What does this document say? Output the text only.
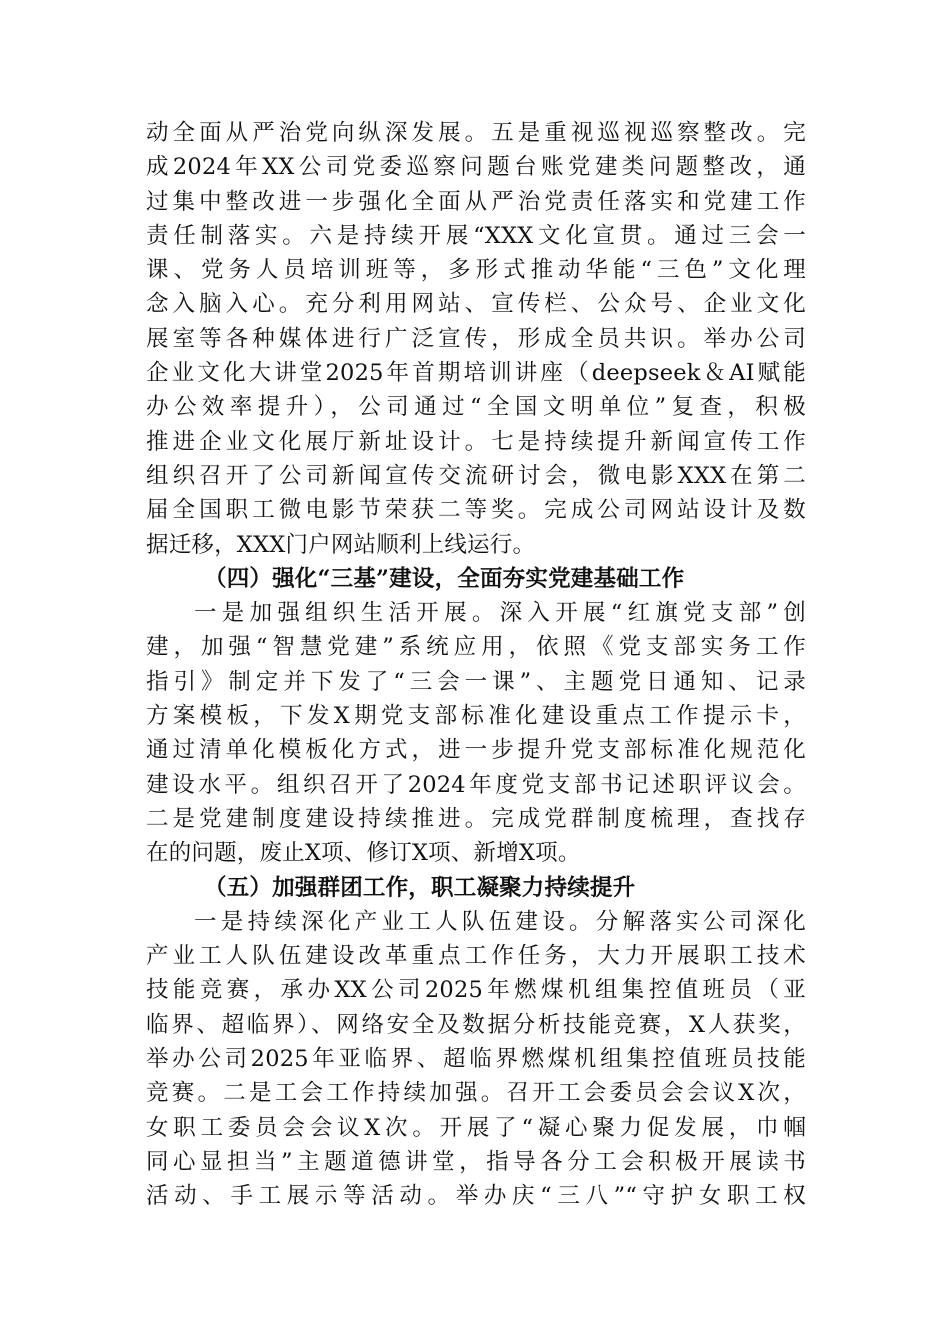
动全面从严治党向纵深发展。五是重视巡视巡察整改。完
成2024年XX公司党委巡察问题台账党建类问题整改，通
过集中整改进一步强化全面从严治党责任落实和党建工作
责任制落实。六是持续开展“XXX文化宣贯。通过三会一
课、党务人员培训班等，多形式推动华能“三色”文化理
念入脑入心。充分利用网站、宣传栏、公众号、企业文化
展室等各种媒体进行广泛宣传，形成全员共识。举办公司
企业文化大讲堂2025年首期培训讲座（deepseek＆AI赋能
办公效率提升），公司通过“全国文明单位”复查，积极
推进企业文化展厅新址设计。七是持续提升新闻宣传工作
组织召开了公司新闻宣传交流研讨会，微电影XXX在第二
届全国职工微电影节荣获二等奖。完成公司网站设计及数
据迁移，XXX门户网站顺利上线运行。
（四）强化“三基”建设，全面夯实党建基础工作
一是加强组织生活开展。深入开展“红旗党支部”创
建，加强“智慧党建”系统应用，依照《党支部实务工作
指引》制定并下发了“三会一课”、主题党日通知、记录
方案模板，下发X期党支部标准化建设重点工作提示卡，
通过清单化模板化方式，进一步提升党支部标准化规范化
建设水平。组织召开了2024年度党支部书记述职评议会。
二是党建制度建设持续推进。完成党群制度梳理，查找存
在的问题，废止X项、修订X项、新增X项。
（五）加强群团工作，职工凝聚力持续提升
一是持续深化产业工人队伍建设。分解落实公司深化
产业工人队伍建设改革重点工作任务，大力开展职工技术
技能竞赛，承办XX公司2025年燃煤机组集控值班员（亚
临界、超临界）、网络安全及数据分析技能竞赛，X人获奖，
举办公司2025年亚临界、超临界燃煤机组集控值班员技能
竞赛。二是工会工作持续加强。召开工会委员会会议X次，
女职工委员会会议X次。开展了“凝心聚力促发展，巾帼
同心显担当”主题道德讲堂，指导各分工会积极开展读书
活动、手工展示等活动。举办庆“三八”“守护女职工权
